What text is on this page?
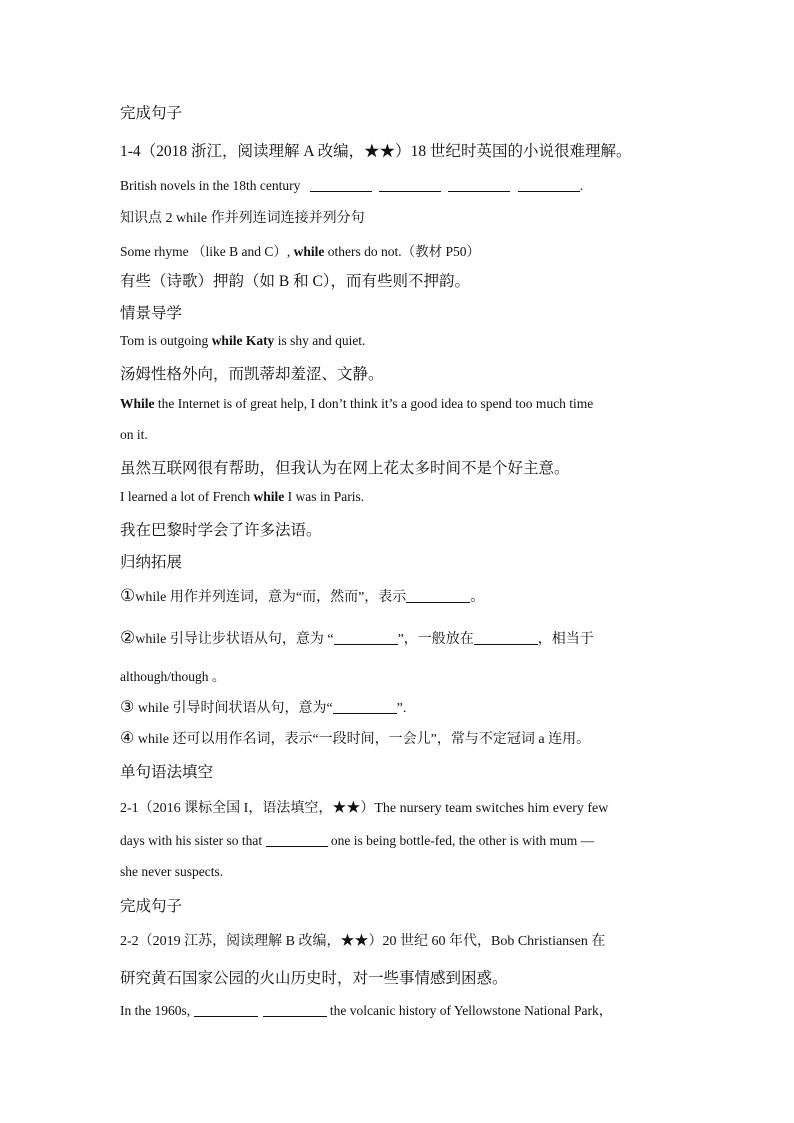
完成句子
1-4（2018 浙江，阅读理解 A 改编，★★）18 世纪时英国的小说很难理解。
British novels in the 18th century	.
知识点 2 while 作并列连词连接并列分句
Some rhyme （like B and C）, while others do not.（教材 P50）
有些（诗歌）押韵（如 B 和 C），而有些则不押韵。
情景导学
Tom is outgoing while Katy is shy and quiet.
汤姆性格外向，而凯蒂却羞涩、文静。
While the Internet is of great help, I don’t think it’s a good idea to spend too much time
on it.
虽然互联网很有帮助，但我认为在网上花太多时间不是个好主意。
I learned a lot of French while I was in Paris.
我在巴黎时学会了许多法语。
归纳拓展
①while 用作并列连词，意为“而，然而”，表示	。
②while 引导让步状语从句，意为 “	”，一般放在	，相当于
although/though 。
③ while 引导时间状语从句，意为“	”.
④ while 还可以用作名词，表示“一段时间，一会儿”，常与不定冠词 a 连用。
单句语法填空
2-1（2016 课标全国 I，语法填空，★★）The nursery team switches him every few
days with his sister so that	one is being bottle-fed, the other is with mum —
she never suspects.
完成句子
2-2（2019 江苏，阅读理解 B 改编，★★）20 世纪 60 年代，Bob Christiansen 在
研究黄石国家公园的火山历史时，对一些事情感到困惑。
In the 1960s,	the volcanic history of Yellowstone National Park，
